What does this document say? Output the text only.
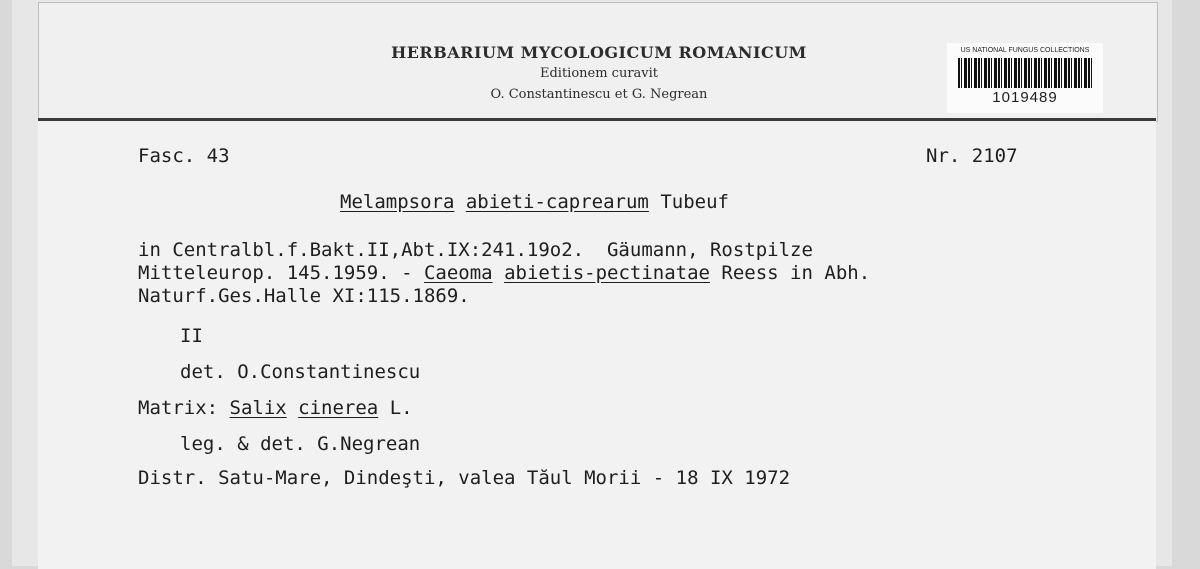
HERBARIUM MYCOLOGICUM ROMANICUM
Editionem curavit
O. Constantinescu et G. Negrean
US NATIONAL FUNGUS COLLECTIONS
1019489
Fasc. 43	Nr. 2107
Melampsora abieti-caprearum Tubeuf
in Centralbl.f.Bakt.II,Abt.IX:241.19o2.  Gäumann, Rostpilze
Mitteleurop. 145.1959. - Caeoma abietis-pectinatae Reess in Abh.
Naturf.Ges.Halle XI:115.1869.
II
det. O.Constantinescu
Matrix: Salix cinerea L.
leg. & det. G.Negrean
Distr. Satu-Mare, Dindeşti, valea Tăul Morii - 18 IX 1972
